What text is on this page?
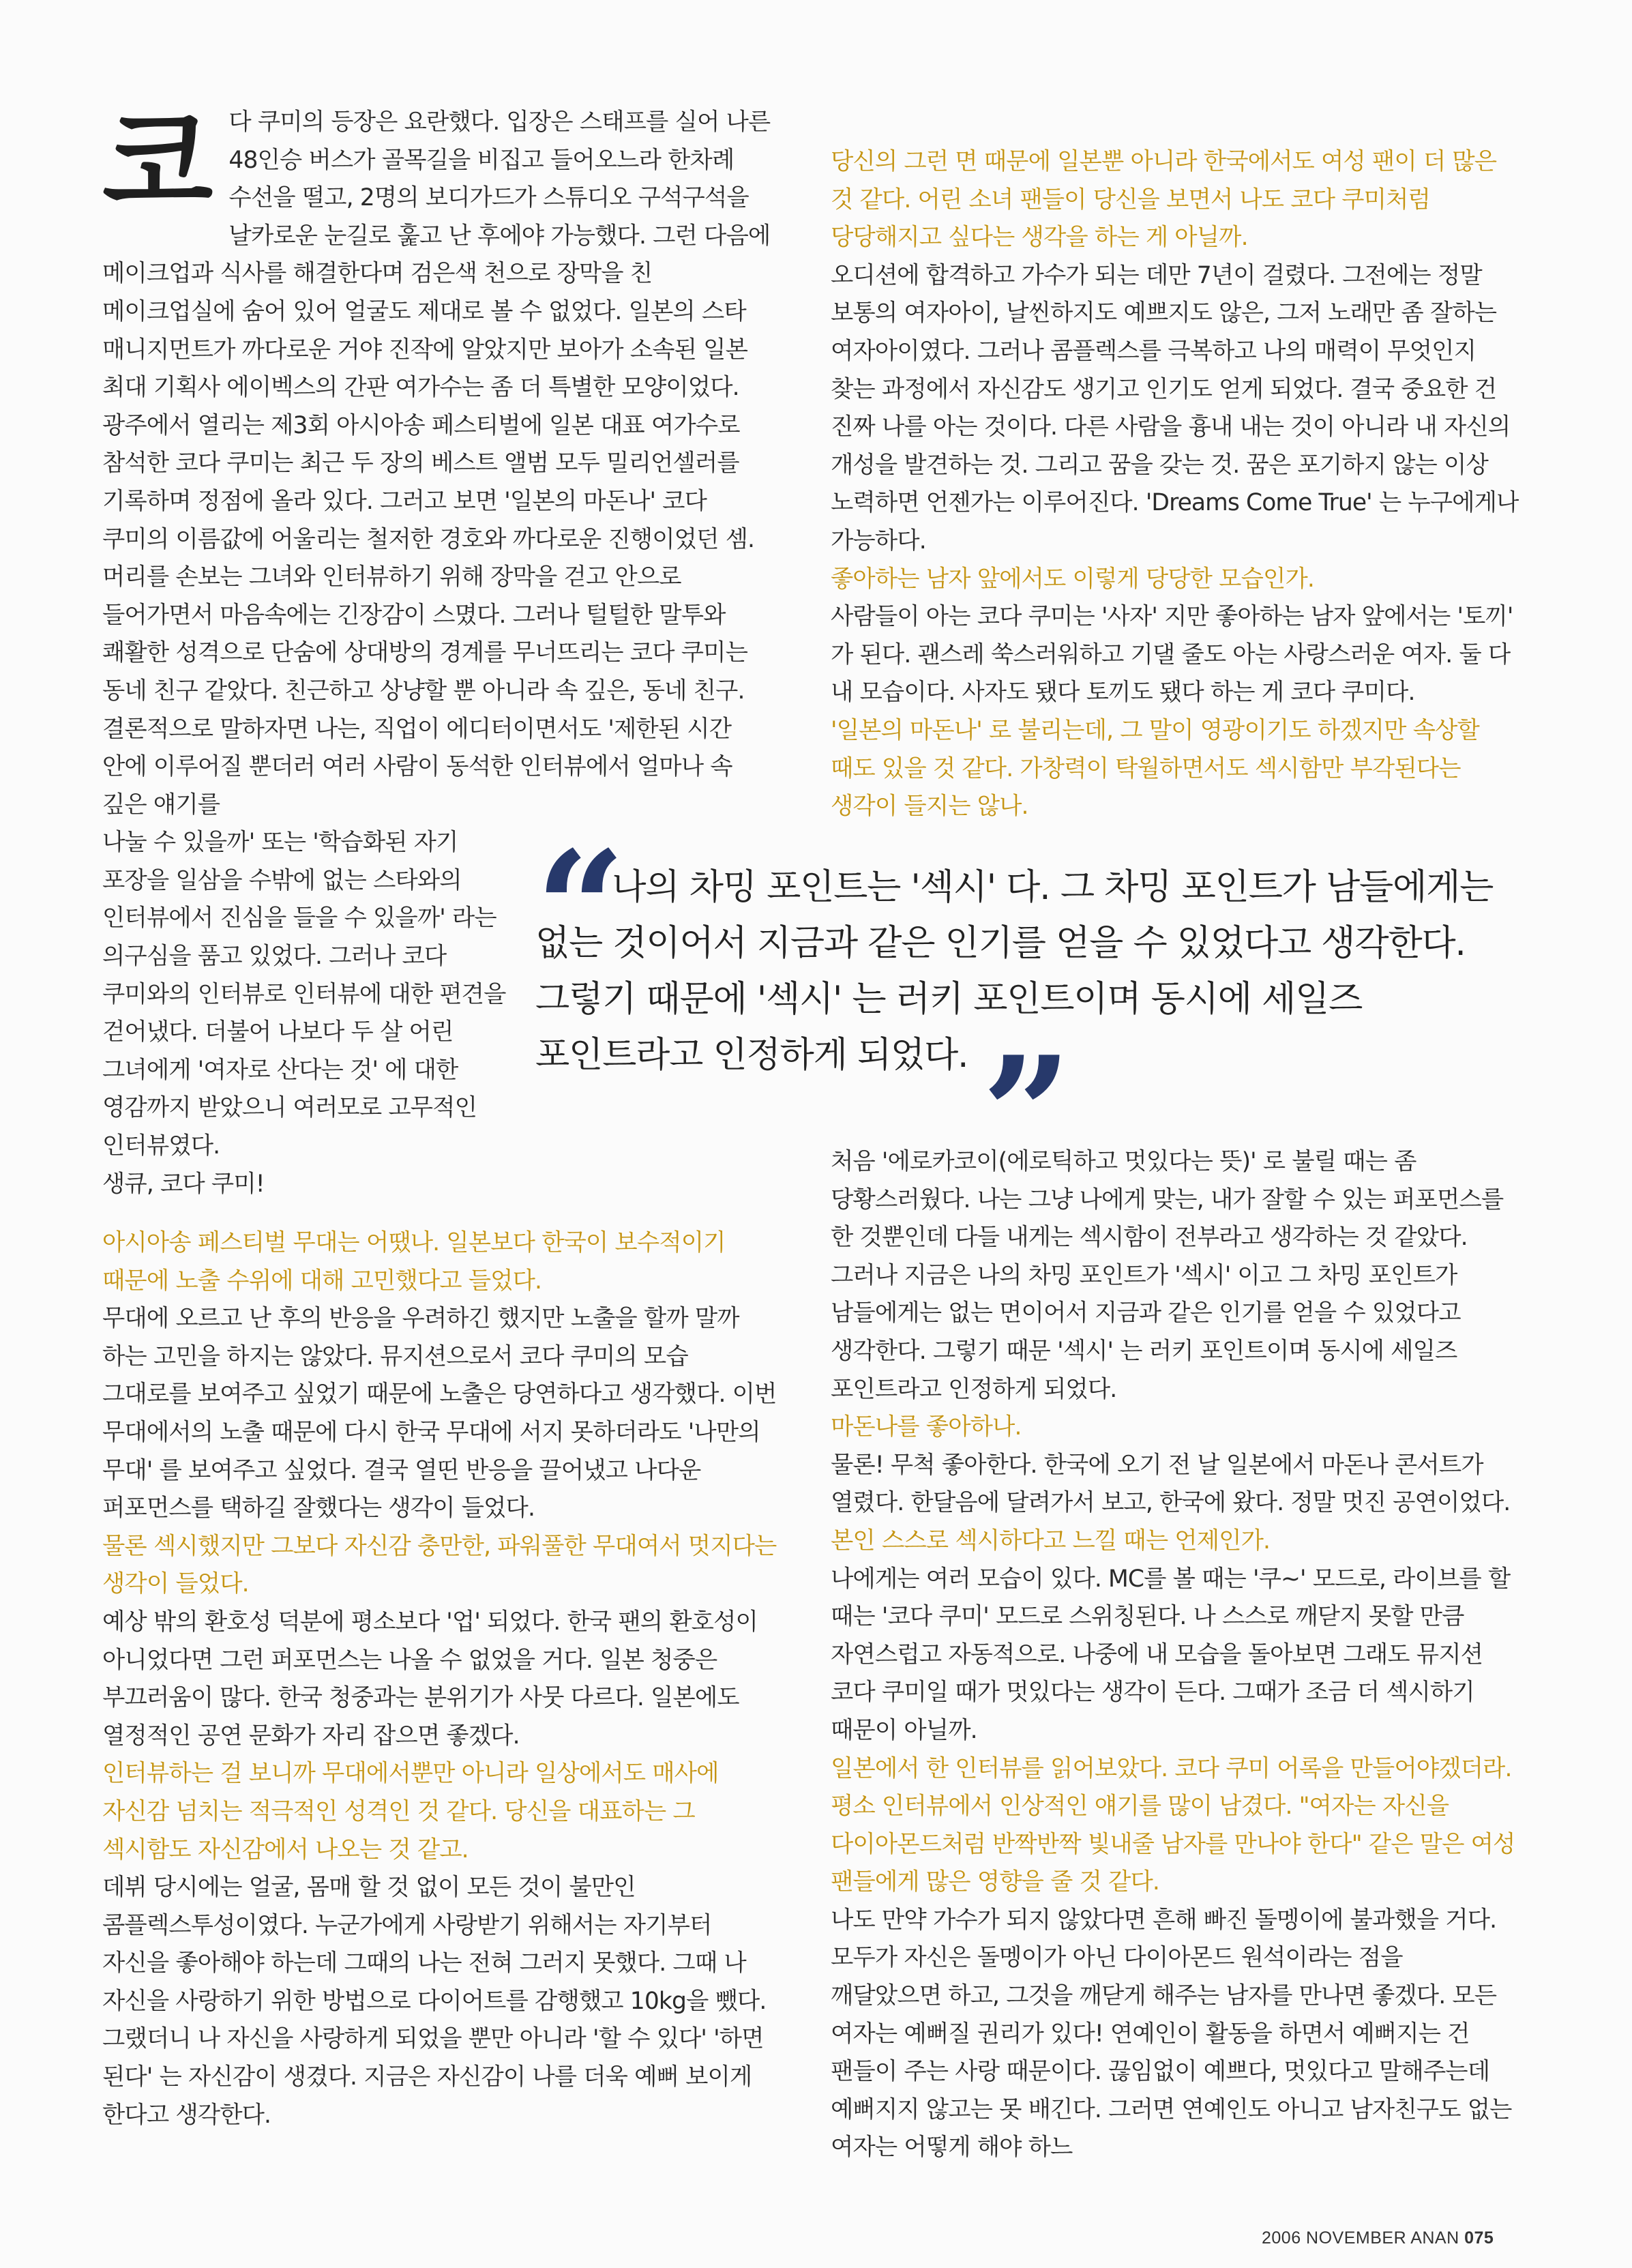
코 다 쿠미의 등장은 요란했다. 입장은 스태프를 실어 나른 48인승 버스가 골목길을 비집고 들어오느라 한차례 수선을 떨고, 2명의 보디가드가 스튜디오 구석구석을 날카로운 눈길로 훑고 난 후에야 가능했다. 그런 다음에 메이크업과 식사를 해결한다며 검은색 천으로 장막을 친 메이크업실에 숨어 있어 얼굴도 제대로 볼 수 없었다. 일본의 스타 매니지먼트가 까다로운 거야 진작에 알았지만 보아가 소속된 일본 최대 기획사 에이벡스의 간판 여가수는 좀 더 특별한 모양이었다. 광주에서 열리는 제3회 아시아송 페스티벌에 일본 대표 여가수로 참석한 코다 쿠미는 최근 두 장의 베스트 앨범 모두 밀리언셀러를 기록하며 정점에 올라 있다. 그러고 보면 '일본의 마돈나' 코다 쿠미의 이름값에 어울리는 철저한 경호와 까다로운 진행이었던 셈. 머리를 손보는 그녀와 인터뷰하기 위해 장막을 걷고 안으로 들어가면서 마음속에는 긴장감이 스몄다. 그러나 털털한 말투와 쾌활한 성격으로 단숨에 상대방의 경계를 무너뜨리는 코다 쿠미는 동네 친구 같았다. 친근하고 상냥할 뿐 아니라 속 깊은, 동네 친구.

결론적으로 말하자면 나는, 직업이 에디터이면서도 '제한된 시간 안에 이루어질 뿐더러 여러 사람이 동석한 인터뷰에서 얼마나 속 깊은 얘기를

나눌 수 있을까' 또는 '학습화된 자기 포장을 일삼을 수밖에 없는 스타와의 인터뷰에서 진심을 들을 수 있을까' 라는 의구심을 품고 있었다. 그러나 코다 쿠미와의 인터뷰로 인터뷰에 대한 편견을 걷어냈다. 더불어 나보다 두 살 어린 그녀에게 '여자로 산다는 것' 에 대한 영감까지 받았으니 여러모로 고무적인 인터뷰였다.

생큐, 코다 쿠미!

“ 나의 차밍 포인트는 '섹시' 다. 그 차밍 포인트가 남들에게는 없는 것이어서 지금과 같은 인기를 얻을 수 있었다고 생각한다. 그렇기 때문에 '섹시' 는 러키 포인트이며 동시에 세일즈 포인트라고 인정하게 되었다.”

아시아송 페스티벌 무대는 어땠나. 일본보다 한국이 보수적이기 때문에 노출 수위에 대해 고민했다고 들었다.

무대에 오르고 난 후의 반응을 우려하긴 했지만 노출을 할까 말까 하는 고민을 하지는 않았다. 뮤지션으로서 코다 쿠미의 모습 그대로를 보여주고 싶었기 때문에 노출은 당연하다고 생각했다. 이번 무대에서의 노출 때문에 다시 한국 무대에 서지 못하더라도 '나만의 무대' 를 보여주고 싶었다. 결국 열띤 반응을 끌어냈고 나다운 퍼포먼스를 택하길 잘했다는 생각이 들었다.

물론 섹시했지만 그보다 자신감 충만한, 파워풀한 무대여서 멋지다는 생각이 들었다.

예상 밖의 환호성 덕분에 평소보다 '업' 되었다. 한국 팬의 환호성이 아니었다면 그런 퍼포먼스는 나올 수 없었을 거다. 일본 청중은 부끄러움이 많다. 한국 청중과는 분위기가 사뭇 다르다. 일본에도 열정적인 공연 문화가 자리 잡으면 좋겠다.

인터뷰하는 걸 보니까 무대에서뿐만 아니라 일상에서도 매사에 자신감 넘치는 적극적인 성격인 것 같다. 당신을 대표하는 그 섹시함도 자신감에서 나오는 것 같고.

데뷔 당시에는 얼굴, 몸매 할 것 없이 모든 것이 불만인 콤플렉스투성이였다. 누군가에게 사랑받기 위해서는 자기부터 자신을 좋아해야 하는데 그때의 나는 전혀 그러지 못했다. 그때 나 자신을 사랑하기 위한 방법으로 다이어트를 감행했고 10kg을 뺐다. 그랬더니 나 자신을 사랑하게 되었을 뿐만 아니라 '할 수 있다' '하면 된다' 는 자신감이 생겼다. 지금은 자신감이 나를 더욱 예뻐 보이게 한다고 생각한다.

당신의 그런 면 때문에 일본뿐 아니라 한국에서도 여성 팬이 더 많은 것 같다. 어린 소녀 팬들이 당신을 보면서 나도 코다 쿠미처럼 당당해지고 싶다는 생각을 하는 게 아닐까.

오디션에 합격하고 가수가 되는 데만 7년이 걸렸다. 그전에는 정말 보통의 여자아이, 날씬하지도 예쁘지도 않은, 그저 노래만 좀 잘하는 여자아이였다. 그러나 콤플렉스를 극복하고 나의 매력이 무엇인지 찾는 과정에서 자신감도 생기고 인기도 얻게 되었다. 결국 중요한 건 진짜 나를 아는 것이다. 다른 사람을 흉내 내는 것이 아니라 내 자신의 개성을 발견하는 것. 그리고 꿈을 갖는 것. 꿈은 포기하지 않는 이상 노력하면 언젠가는 이루어진다. 'Dreams Come True' 는 누구에게나 가능하다.

좋아하는 남자 앞에서도 이렇게 당당한 모습인가.

사람들이 아는 코다 쿠미는 '사자' 지만 좋아하는 남자 앞에서는 '토끼' 가 된다. 괜스레 쑥스러워하고 기댈 줄도 아는 사랑스러운 여자. 둘 다 내 모습이다. 사자도 됐다 토끼도 됐다 하는 게 코다 쿠미다.

'일본의 마돈나' 로 불리는데, 그 말이 영광이기도 하겠지만 속상할 때도 있을 것 같다. 가창력이 탁월하면서도 섹시함만 부각된다는 생각이 들지는 않나.

처음 '에로카코이(에로틱하고 멋있다는 뜻)' 로 불릴 때는 좀 당황스러웠다. 나는 그냥 나에게 맞는, 내가 잘할 수 있는 퍼포먼스를 한 것뿐인데 다들 내게는 섹시함이 전부라고 생각하는 것 같았다. 그러나 지금은 나의 차밍 포인트가 '섹시' 이고 그 차밍 포인트가 남들에게는 없는 면이어서 지금과 같은 인기를 얻을 수 있었다고 생각한다. 그렇기 때문 '섹시' 는 러키 포인트이며 동시에 세일즈 포인트라고 인정하게 되었다.

마돈나를 좋아하나.

물론! 무척 좋아한다. 한국에 오기 전 날 일본에서 마돈나 콘서트가 열렸다. 한달음에 달려가서 보고, 한국에 왔다. 정말 멋진 공연이었다.

본인 스스로 섹시하다고 느낄 때는 언제인가.

나에게는 여러 모습이 있다. MC를 볼 때는 '쿠~' 모드로, 라이브를 할 때는 '코다 쿠미' 모드로 스위칭된다. 나 스스로 깨닫지 못할 만큼 자연스럽고 자동적으로. 나중에 내 모습을 돌아보면 그래도 뮤지션 코다 쿠미일 때가 멋있다는 생각이 든다. 그때가 조금 더 섹시하기 때문이 아닐까.

일본에서 한 인터뷰를 읽어보았다. 코다 쿠미 어록을 만들어야겠더라. 평소 인터뷰에서 인상적인 얘기를 많이 남겼다. "여자는 자신을 다이아몬드처럼 반짝반짝 빛내줄 남자를 만나야 한다" 같은 말은 여성 팬들에게 많은 영향을 줄 것 같다.

나도 만약 가수가 되지 않았다면 흔해 빠진 돌멩이에 불과했을 거다. 모두가 자신은 돌멩이가 아닌 다이아몬드 원석이라는 점을 깨달았으면 하고, 그것을 깨닫게 해주는 남자를 만나면 좋겠다. 모든 여자는 예뻐질 권리가 있다! 연예인이 활동을 하면서 예뻐지는 건 팬들이 주는 사랑 때문이다. 끊임없이 예쁘다, 멋있다고 말해주는데 예뻐지지 않고는 못 배긴다. 그러면 연예인도 아니고 남자친구도 없는 여자는 어떻게 해야 하느

2006 NOVEMBER ANAN 075
